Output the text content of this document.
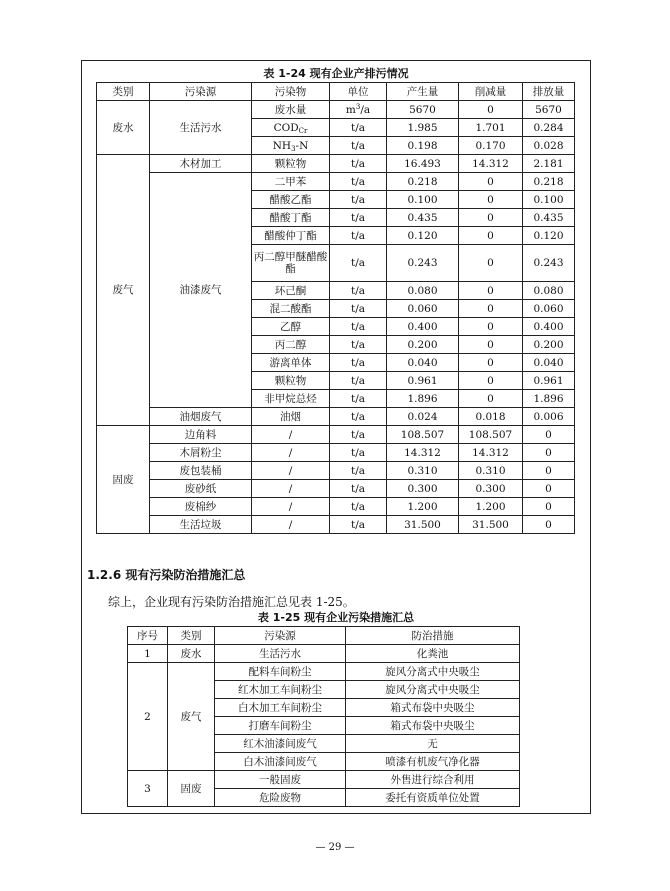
表 1-24 现有企业产排污情况
类别	污染源	污染物	单位	产生量	削减量	排放量
废水	生活污水	废水量	$m^3/a$	5670	0	5670
		$COD_{Cr}$	t/a	1.985	1.701	0.284
		$NH_3-N$	t/a	0.198	0.170	0.028
废气	木材加工	颗粒物	t/a	16.493	14.312	2.181
	油漆废气	二甲苯	t/a	0.218	0	0.218
		醋酸乙酯	t/a	0.100	0	0.100
		醋酸丁酯	t/a	0.435	0	0.435
		醋酸仲丁酯	t/a	0.120	0	0.120
		丙二醇甲醚醋酸酯	t/a	0.243	0	0.243
		环己酮	t/a	0.080	0	0.080
		混二酸酯	t/a	0.060	0	0.060
		乙醇	t/a	0.400	0	0.400
		丙二醇	t/a	0.200	0	0.200
		游离单体	t/a	0.040	0	0.040
		颗粒物	t/a	0.961	0	0.961
		非甲烷总烃	t/a	1.896	0	1.896
	油烟废气	油烟	t/a	0.024	0.018	0.006
固废	边角料	/	t/a	108.507	108.507	0
	木屑粉尘	/	t/a	14.312	14.312	0
	废包装桶	/	t/a	0.310	0.310	0
	废砂纸	/	t/a	0.300	0.300	0
	废棉纱	/	t/a	1.200	1.200	0
	生活垃圾	/	t/a	31.500	31.500	0
1.2.6 现有污染防治措施汇总
综上，企业现有污染防治措施汇总见表 1-25。
表 1-25 现有企业污染措施汇总
序号	类别	污染源	防治措施
1	废水	生活污水	化粪池
2	废气	配料车间粉尘	旋风分离式中央吸尘
		红木加工车间粉尘	旋风分离式中央吸尘
		白木加工车间粉尘	箱式布袋中央吸尘
		打磨车间粉尘	箱式布袋中央吸尘
		红木油漆间废气	无
		白木油漆间废气	喷漆有机废气净化器
3	固废	一般固废	外售进行综合利用
		危险废物	委托有资质单位处置
— 29 —
